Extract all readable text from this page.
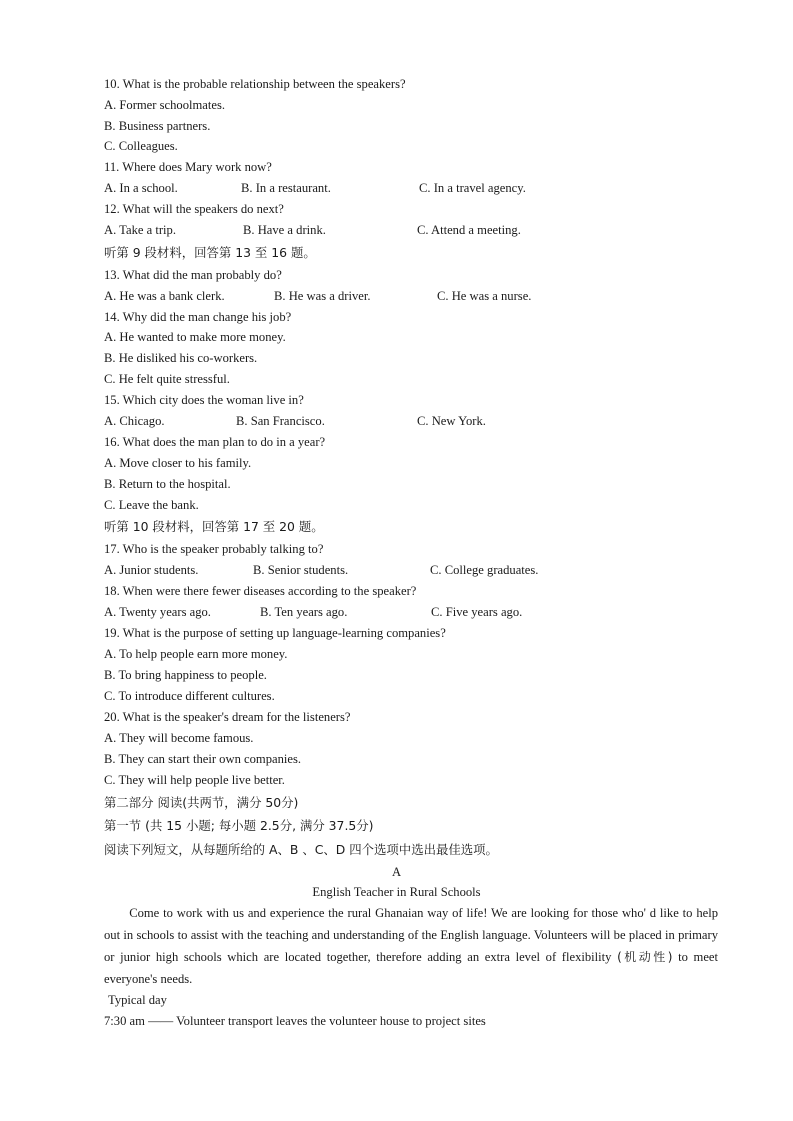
10. What is the probable relationship between the speakers?
A. Former schoolmates.
B. Business partners.
C. Colleagues.
11. Where does Mary work now?
A. In a school.	B. In a restaurant.	C. In a travel agency.
12. What will the speakers do next?
A. Take a trip.	B. Have a drink.	C. Attend a meeting.
听第 9 段材料，回答第 13 至 16 题。
13. What did the man probably do?
A. He was a bank clerk.	B. He was a driver.	C. He was a nurse.
14. Why did the man change his job?
A. He wanted to make more money.
B. He disliked his co-workers.
C. He felt quite stressful.
15. Which city does the woman live in?
A. Chicago.	B. San Francisco.	C. New York.
16. What does the man plan to do in a year?
A. Move closer to his family.
B. Return to the hospital.
C. Leave the bank.
听第 10 段材料，回答第 17 至 20 题。
17. Who is the speaker probably talking to?
A. Junior students.	B. Senior students.	C. College graduates.
18. When were there fewer diseases according to the speaker?
A. Twenty years ago.	B. Ten years ago.	C. Five years ago.
19. What is the purpose of setting up language-learning companies?
A. To help people earn more money.
B. To bring happiness to people.
C. To introduce different cultures.
20. What is the speaker's dream for the listeners?
A. They will become famous.
B. They can start their own companies.
C. They will help people live better.
第二部分 阅读(共两节，满分 50分)
第一节 (共 15 小题; 每小题 2.5分, 满分 37.5分)
阅读下列短文，从每题所给的 A、B 、C、D 四个选项中选出最佳选项。
A
English Teacher in Rural Schools
Come to work with us and experience the rural Ghanaian way of life! We are looking for those who' d like to help out in schools to assist with the teaching and understanding of the English language. Volunteers will be placed in primary or junior high schools which are located together, therefore adding an extra level of flexibility (机动性) to meet everyone's needs.
Typical day
7:30 am —— Volunteer transport leaves the volunteer house to project sites
